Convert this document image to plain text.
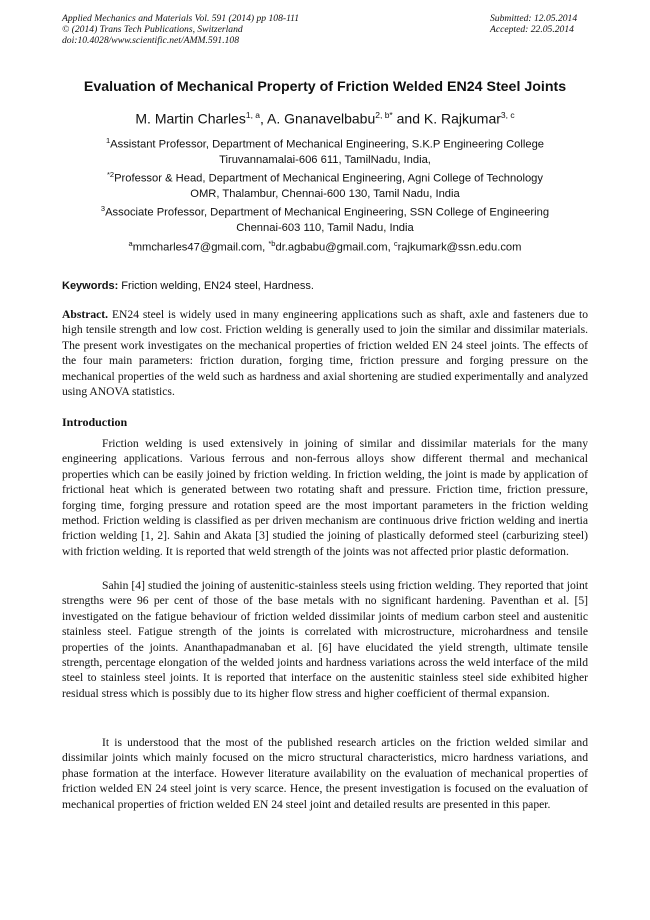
Applied Mechanics and Materials Vol. 591 (2014) pp 108-111
© (2014) Trans Tech Publications, Switzerland
doi:10.4028/www.scientific.net/AMM.591.108
Submitted: 12.05.2014
Accepted: 22.05.2014
Evaluation of Mechanical Property of Friction Welded EN24 Steel Joints
M. Martin Charles$^{1, a}$, A. Gnanavelbabu$^{2, b*}$ and K. Rajkumar$^{3, c}$
$^1$Assistant Professor, Department of Mechanical Engineering, S.K.P Engineering College
Tiruvannamalai-606 611, TamilNadu, India,
$^{*2}$Professor & Head, Department of Mechanical Engineering, Agni College of Technology
OMR, Thalambur, Chennai-600 130, Tamil Nadu, India
$^3$Associate Professor, Department of Mechanical Engineering, SSN College of Engineering
Chennai-603 110, Tamil Nadu, India
$^a$mmcharles47@gmail.com, $^{*b}$dr.agbabu@gmail.com, $^c$rajkumark@ssn.edu.com
Keywords: Friction welding, EN24 steel, Hardness.

Abstract. EN24 steel is widely used in many engineering applications such as shaft, axle and fasteners due to high tensile strength and low cost. Friction welding is generally used to join the similar and dissimilar materials. The present work investigates on the mechanical properties of friction welded EN 24 steel joints. The effects of the four main parameters: friction duration, forging time, friction pressure and forging pressure on the mechanical properties of the weld such as hardness and axial shortening are studied experimentally and analyzed using ANOVA statistics.

Introduction

Friction welding is used extensively in joining of similar and dissimilar materials for the many engineering applications. Various ferrous and non-ferrous alloys show different thermal and mechanical properties which can be easily joined by friction welding. In friction welding, the joint is made by application of frictional heat which is generated between two rotating shaft and pressure. Friction time, friction pressure, forging time, forging pressure and rotation speed are the most important parameters in the friction welding method. Friction welding is classified as per driven mechanism are continuous drive friction welding and inertia friction welding [1, 2]. Sahin and Akata [3] studied the joining of plastically deformed steel (carburizing steel) with friction welding. It is reported that weld strength of the joints was not affected prior plastic deformation.

Sahin [4] studied the joining of austenitic-stainless steels using friction welding. They reported that joint strengths were 96 per cent of those of the base metals with no significant hardening. Paventhan et al. [5] investigated on the fatigue behaviour of friction welded dissimilar joints of medium carbon steel and austenitic stainless steel. Fatigue strength of the joints is correlated with microstructure, microhardness and tensile properties of the joints. Ananthapadmanaban et al. [6] have elucidated the yield strength, ultimate tensile strength, percentage elongation of the welded joints and hardness variations across the weld interface of the mild steel to stainless steel joints. It is reported that interface on the austenitic stainless steel side exhibited higher residual stress which is possibly due to its higher flow stress and higher coefficient of thermal expansion.

It is understood that the most of the published research articles on the friction welded similar and dissimilar joints which mainly focused on the micro structural characteristics, micro hardness variations, and phase formation at the interface. However literature availability on the evaluation of mechanical properties of friction welded EN 24 steel joint is very scarce. Hence, the present investigation is focused on the evaluation of mechanical properties of friction welded EN 24 steel joint and detailed results are presented in this paper.
